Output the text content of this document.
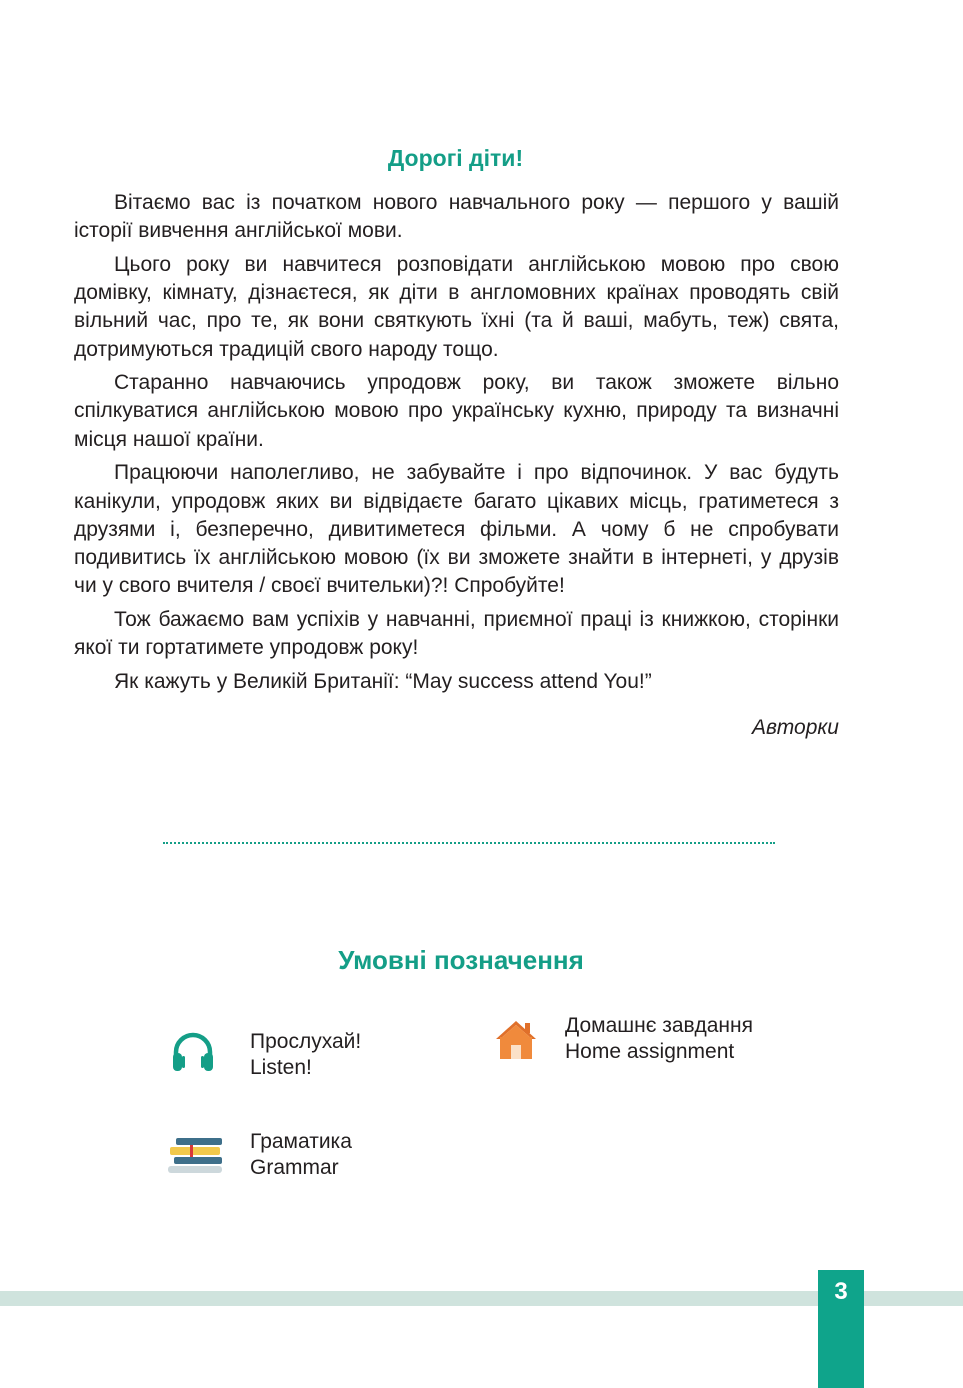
Дорогі діти!

Вітаємо вас із початком нового навчального року — першого у вашій історії вивчення англійської мови.

Цього року ви навчитеся розповідати англійською мовою про свою домівку, кімнату, дізнаєтеся, як діти в англомовних країнах проводять свій вільний час, про те, як вони святкують їхні (та й ваші, мабуть, теж) свята, дотримуються традицій свого народу тощо.

Старанно навчаючись упродовж року, ви також зможете вільно спілкуватися англійською мовою про українську кухню, природу та визначні місця нашої країни.

Працюючи наполегливо, не забувайте і про відпочинок. У вас будуть канікули, упродовж яких ви відвідаєте багато цікавих місць, гратиметеся з друзями і, безперечно, дивитиметеся фільми. А чому б не спробувати подивитись їх англійською мовою (їх ви зможете знайти в інтернеті, у друзів чи у свого вчителя / своєї вчительки)?! Спробуйте!

Тож бажаємо вам успіхів у навчанні, приємної праці із книжкою, сторінки якої ти гортатимете упродовж року!

Як кажуть у Великій Британії: “May success attend You!”

Авторки
Умовні позначення
Прослухай!
Listen!
Домашнє завдання
Home assignment
Граматика
Grammar
3
